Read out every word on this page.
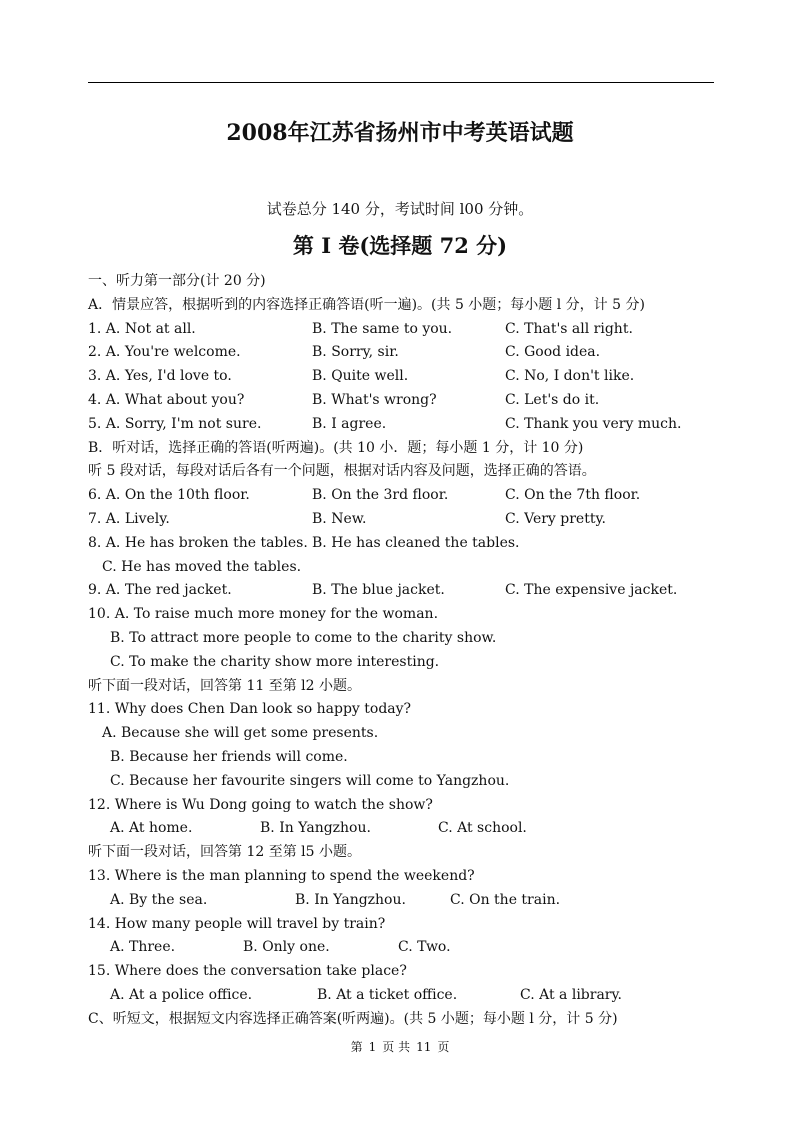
2008年江苏省扬州市中考英语试题
试卷总分 140 分，考试时间 l00 分钟。
第 I 卷(选择题 72 分)
一、听力第一部分(计 20 分)
A．情景应答，根据听到的内容选择正确答语(听一遍)。(共 5 小题；每小题 l 分，计 5 分)
1. A. Not at all.	B. The same to you.	C. That's all right.
2. A. You're welcome.	B. Sorry, sir.	C. Good idea.
3. A. Yes, I'd love to.	B. Quite well.	C. No, I don't like.
4. A. What about you?	B. What's wrong?	C. Let's do it.
5. A. Sorry, I'm not sure.	B. I agree.	C. Thank you very much.
B．听对话，选择正确的答语(听两遍)。(共 10 小．题；每小题 1 分，计 10 分)
听 5 段对话，每段对话后各有一个问题，根据对话内容及问题，选择正确的答语。
6. A. On the 10th floor.	B. On the 3rd floor.	C. On the 7th floor.
7. A. Lively.	B. New.	C. Very pretty.
8. A. He has broken the tables. B. He has cleaned the tables.
C. He has moved the tables.
9. A. The red jacket.	B. The blue jacket.	C. The expensive jacket.
10. A. To raise much more money for the woman.
B. To attract more people to come to the charity show.
C. To make the charity show more interesting.
听下面一段对话，回答第 11 至第 l2 小题。
11. Why does Chen Dan look so happy today?
A. Because she will get some presents.
B. Because her friends will come.
C. Because her favourite singers will come to Yangzhou.
12. Where is Wu Dong going to watch the show?
A. At home.	B. In Yangzhou.	C. At school.
听下面一段对话，回答第 12 至第 l5 小题。
13. Where is the man planning to spend the weekend?
A. By the sea.	B. In Yangzhou.	C. On the train.
14. How many people will travel by train?
A. Three.	B. Only one.	C. Two.
15. Where does the conversation take place?
A. At a police office.	B. At a ticket office.	C. At a library.
C、听短文，根据短文内容选择正确答案(听两遍)。(共 5 小题；每小题 l 分，计 5 分)
第 1 页 共 11 页
